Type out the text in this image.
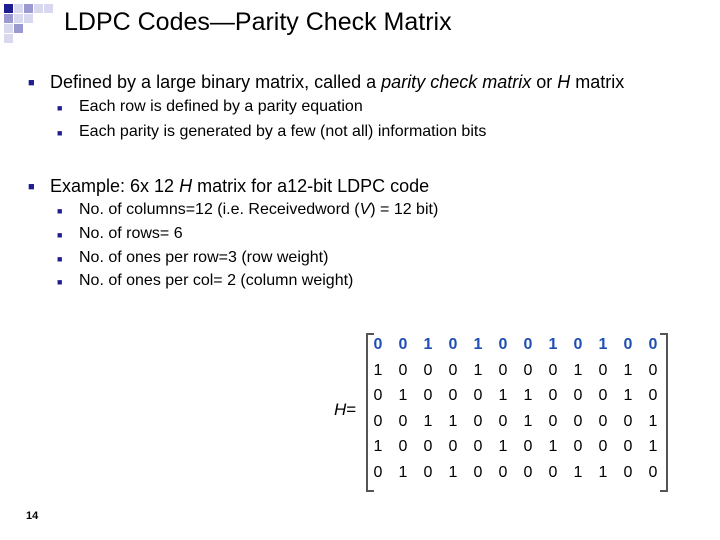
LDPC Codes—Parity Check Matrix
■ Defined by a large binary matrix, called a parity check matrix or H matrix
■ Each row is defined by a parity equation
■ Each parity is generated by a few (not all) information bits
■ Example: 6x 12 H matrix for a12-bit LDPC code
■ No. of columns=12 (i.e. Receivedword (V) = 12 bit)
■ No. of rows= 6
■ No. of ones per row=3 (row weight)
■ No. of ones per col= 2 (column weight)
H=
0	0	1	0	1	0	0	1	0	1	0	0
1	0	0	0	1	0	0	0	1	0	1	0
0	1	0	0	0	1	1	0	0	0	1	0
0	0	1	1	0	0	1	0	0	0	0	1
1	0	0	0	0	1	0	1	0	0	0	1
0	1	0	1	0	0	0	0	1	1	0	0
14
